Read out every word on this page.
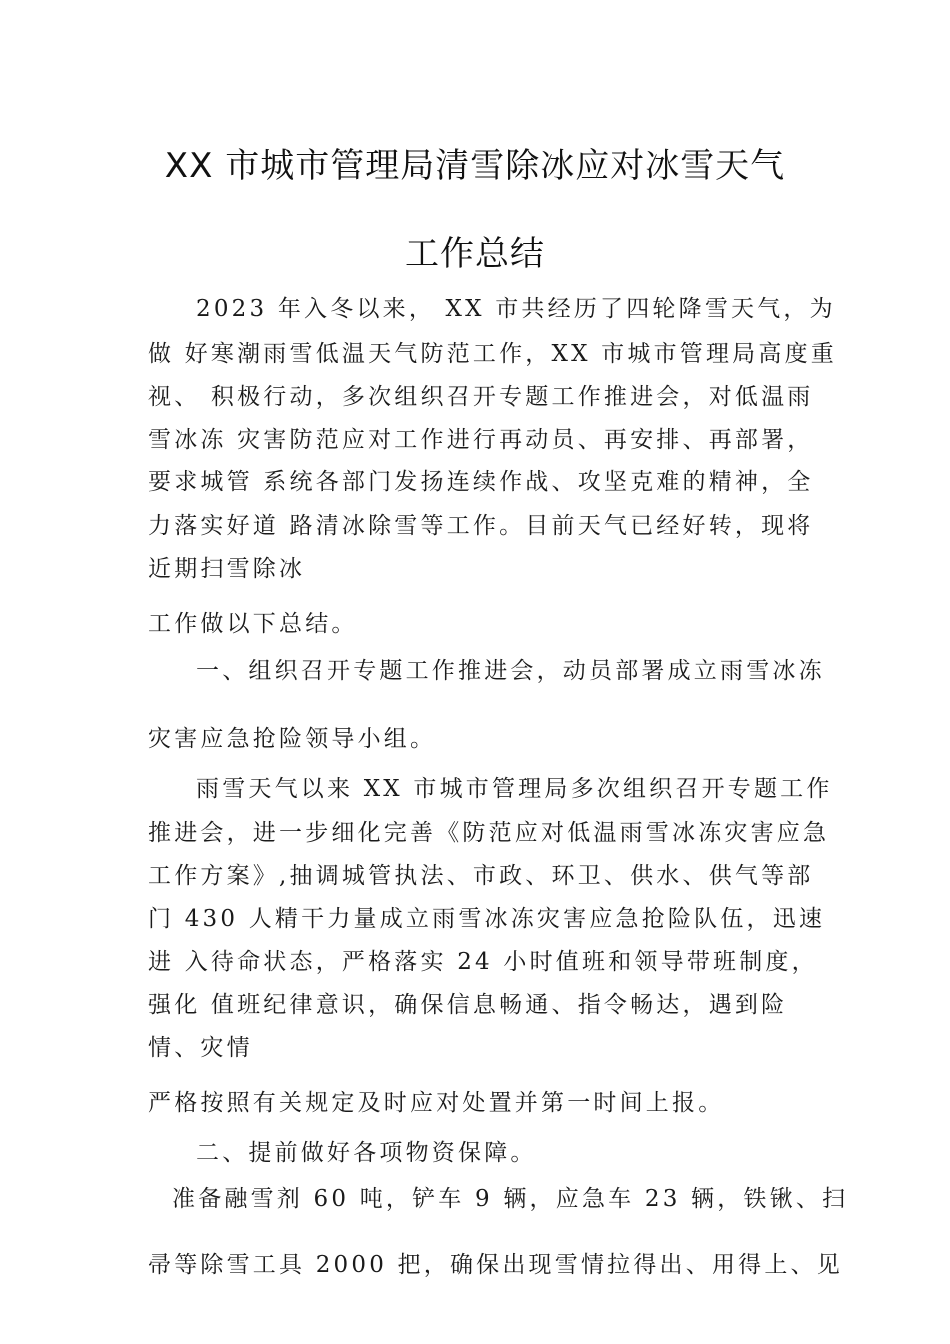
XX 市城市管理局清雪除冰应对冰雪天气
工作总结
2023 年入冬以来， XX 市共经历了四轮降雪天气，为
做 好寒潮雨雪低温天气防范工作，XX 市城市管理局高度重
视、 积极行动，多次组织召开专题工作推进会，对低温雨
雪冰冻 灾害防范应对工作进行再动员、再安排、再部署，
要求城管 系统各部门发扬连续作战、攻坚克难的精神，全
力落实好道 路清冰除雪等工作。目前天气已经好转，现将
近期扫雪除冰
工作做以下总结。
一、组织召开专题工作推进会，动员部署成立雨雪冰冻
灾害应急抢险领导小组。
雨雪天气以来 XX 市城市管理局多次组织召开专题工作
推进会，进一步细化完善《防范应对低温雨雪冰冻灾害应急
工作方案》,抽调城管执法、市政、环卫、供水、供气等部
门 430 人精干力量成立雨雪冰冻灾害应急抢险队伍，迅速
进 入待命状态，严格落实 24 小时值班和领导带班制度，
强化 值班纪律意识，确保信息畅通、指令畅达，遇到险
情、灾情
严格按照有关规定及时应对处置并第一时间上报。
二、提前做好各项物资保障。
准备融雪剂 60 吨，铲车 9 辆，应急车 23 辆，铁锹、扫
帚等除雪工具 2000 把，确保出现雪情拉得出、用得上、见
